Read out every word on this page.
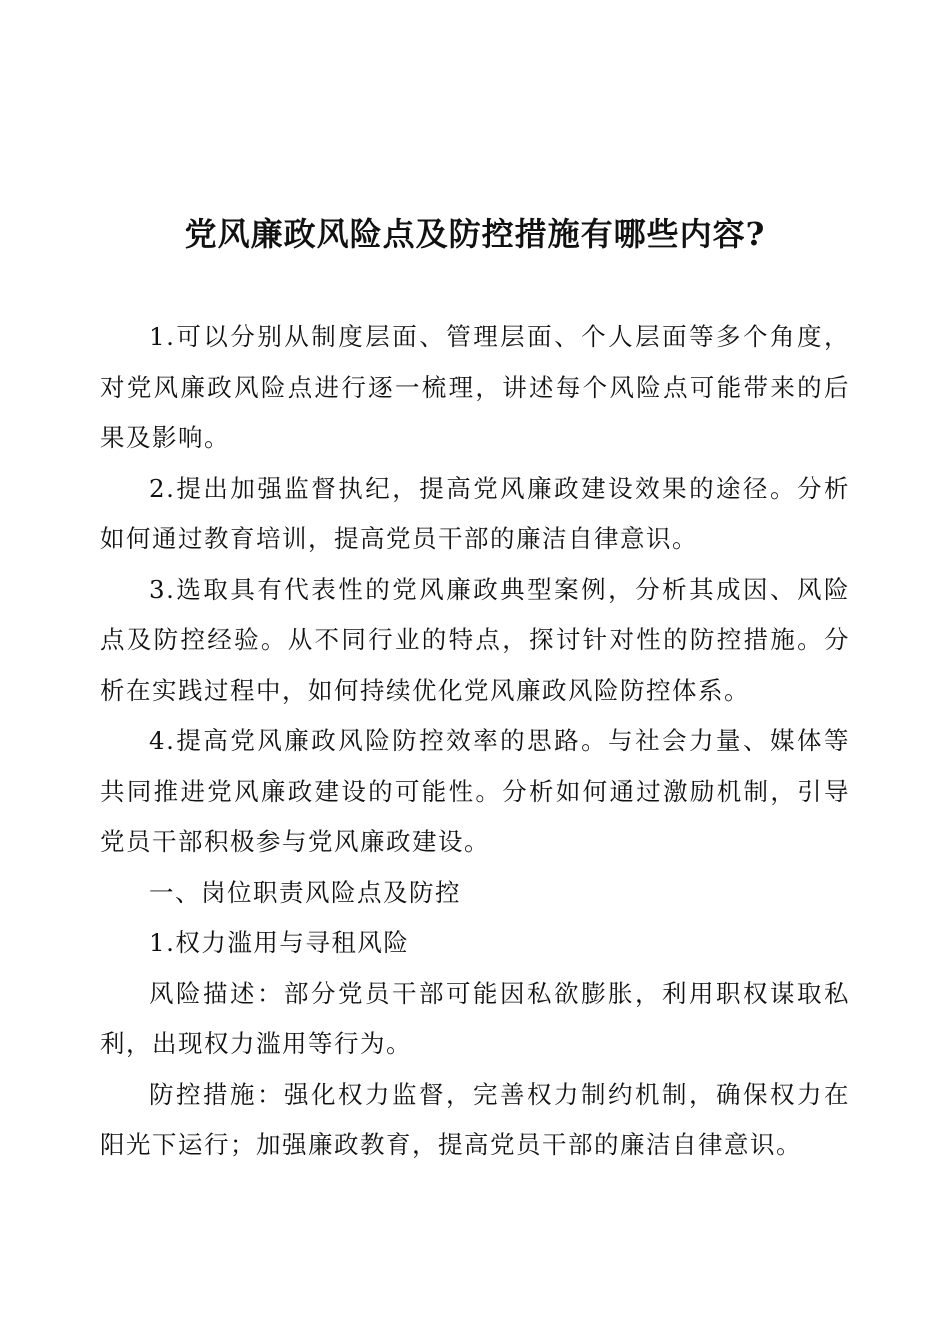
党风廉政风险点及防控措施有哪些内容?

1.可以分别从制度层面、管理层面、个人层面等多个角度，对党风廉政风险点进行逐一梳理，讲述每个风险点可能带来的后果及影响。

2.提出加强监督执纪，提高党风廉政建设效果的途径。分析如何通过教育培训，提高党员干部的廉洁自律意识。

3.选取具有代表性的党风廉政典型案例，分析其成因、风险点及防控经验。从不同行业的特点，探讨针对性的防控措施。分析在实践过程中，如何持续优化党风廉政风险防控体系。

4.提高党风廉政风险防控效率的思路。与社会力量、媒体等共同推进党风廉政建设的可能性。分析如何通过激励机制，引导党员干部积极参与党风廉政建设。

一、岗位职责风险点及防控

1.权力滥用与寻租风险

风险描述：部分党员干部可能因私欲膨胀，利用职权谋取私利，出现权力滥用等行为。

防控措施：强化权力监督，完善权力制约机制，确保权力在阳光下运行；加强廉政教育，提高党员干部的廉洁自律意识。
